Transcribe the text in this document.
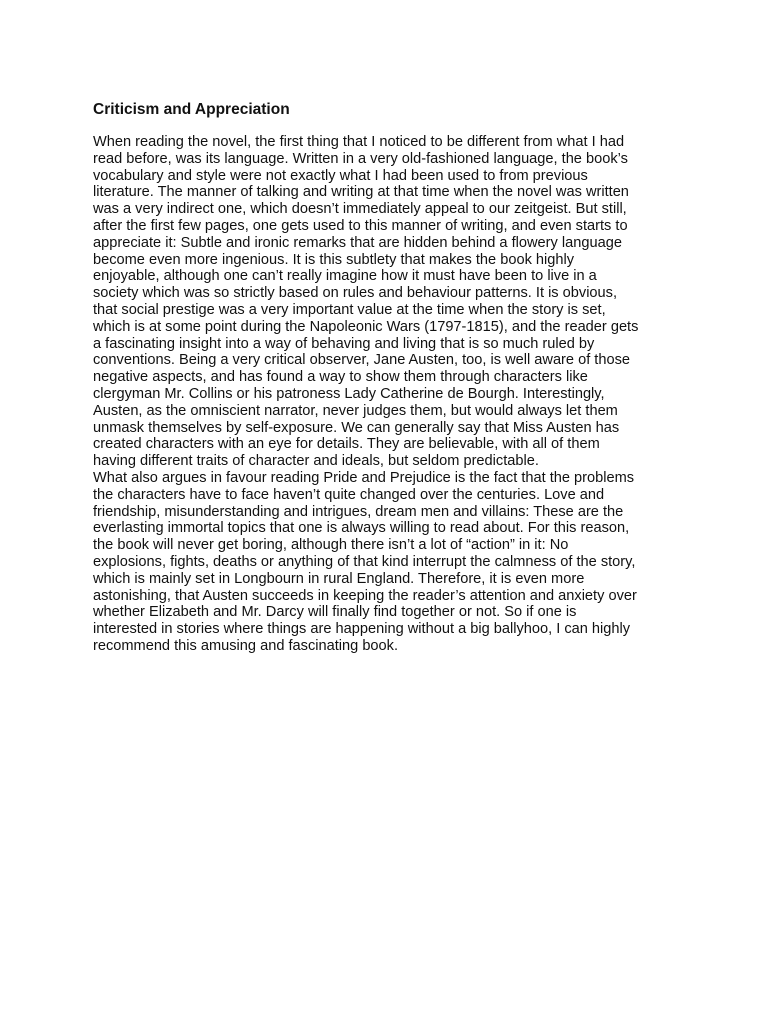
Criticism and Appreciation

When reading the novel, the first thing that I noticed to be different from what I had
read before, was its language. Written in a very old-fashioned language, the book’s
vocabulary and style were not exactly what I had been used to from previous
literature. The manner of talking and writing at that time when the novel was written
was a very indirect one, which doesn’t immediately appeal to our zeitgeist. But still,
after the first few pages, one gets used to this manner of writing, and even starts to
appreciate it: Subtle and ironic remarks that are hidden behind a flowery language
become even more ingenious. It is this subtlety that makes the book highly
enjoyable, although one can’t really imagine how it must have been to live in a
society which was so strictly based on rules and behaviour patterns. It is obvious,
that social prestige was a very important value at the time when the story is set,
which is at some point during the Napoleonic Wars (1797-1815), and the reader gets
a fascinating insight into a way of behaving and living that is so much ruled by
conventions. Being a very critical observer, Jane Austen, too, is well aware of those
negative aspects, and has found a way to show them through characters like
clergyman Mr. Collins or his patroness Lady Catherine de Bourgh. Interestingly,
Austen, as the omniscient narrator, never judges them, but would always let them
unmask themselves by self-exposure. We can generally say that Miss Austen has
created characters with an eye for details. They are believable, with all of them
having different traits of character and ideals, but seldom predictable.

What also argues in favour reading Pride and Prejudice is the fact that the problems
the characters have to face haven’t quite changed over the centuries. Love and
friendship, misunderstanding and intrigues, dream men and villains: These are the
everlasting immortal topics that one is always willing to read about. For this reason,
the book will never get boring, although there isn’t a lot of “action” in it: No
explosions, fights, deaths or anything of that kind interrupt the calmness of the story,
which is mainly set in Longbourn in rural England. Therefore, it is even more
astonishing, that Austen succeeds in keeping the reader’s attention and anxiety over
whether Elizabeth and Mr. Darcy will finally find together or not. So if one is
interested in stories where things are happening without a big ballyhoo, I can highly
recommend this amusing and fascinating book.
